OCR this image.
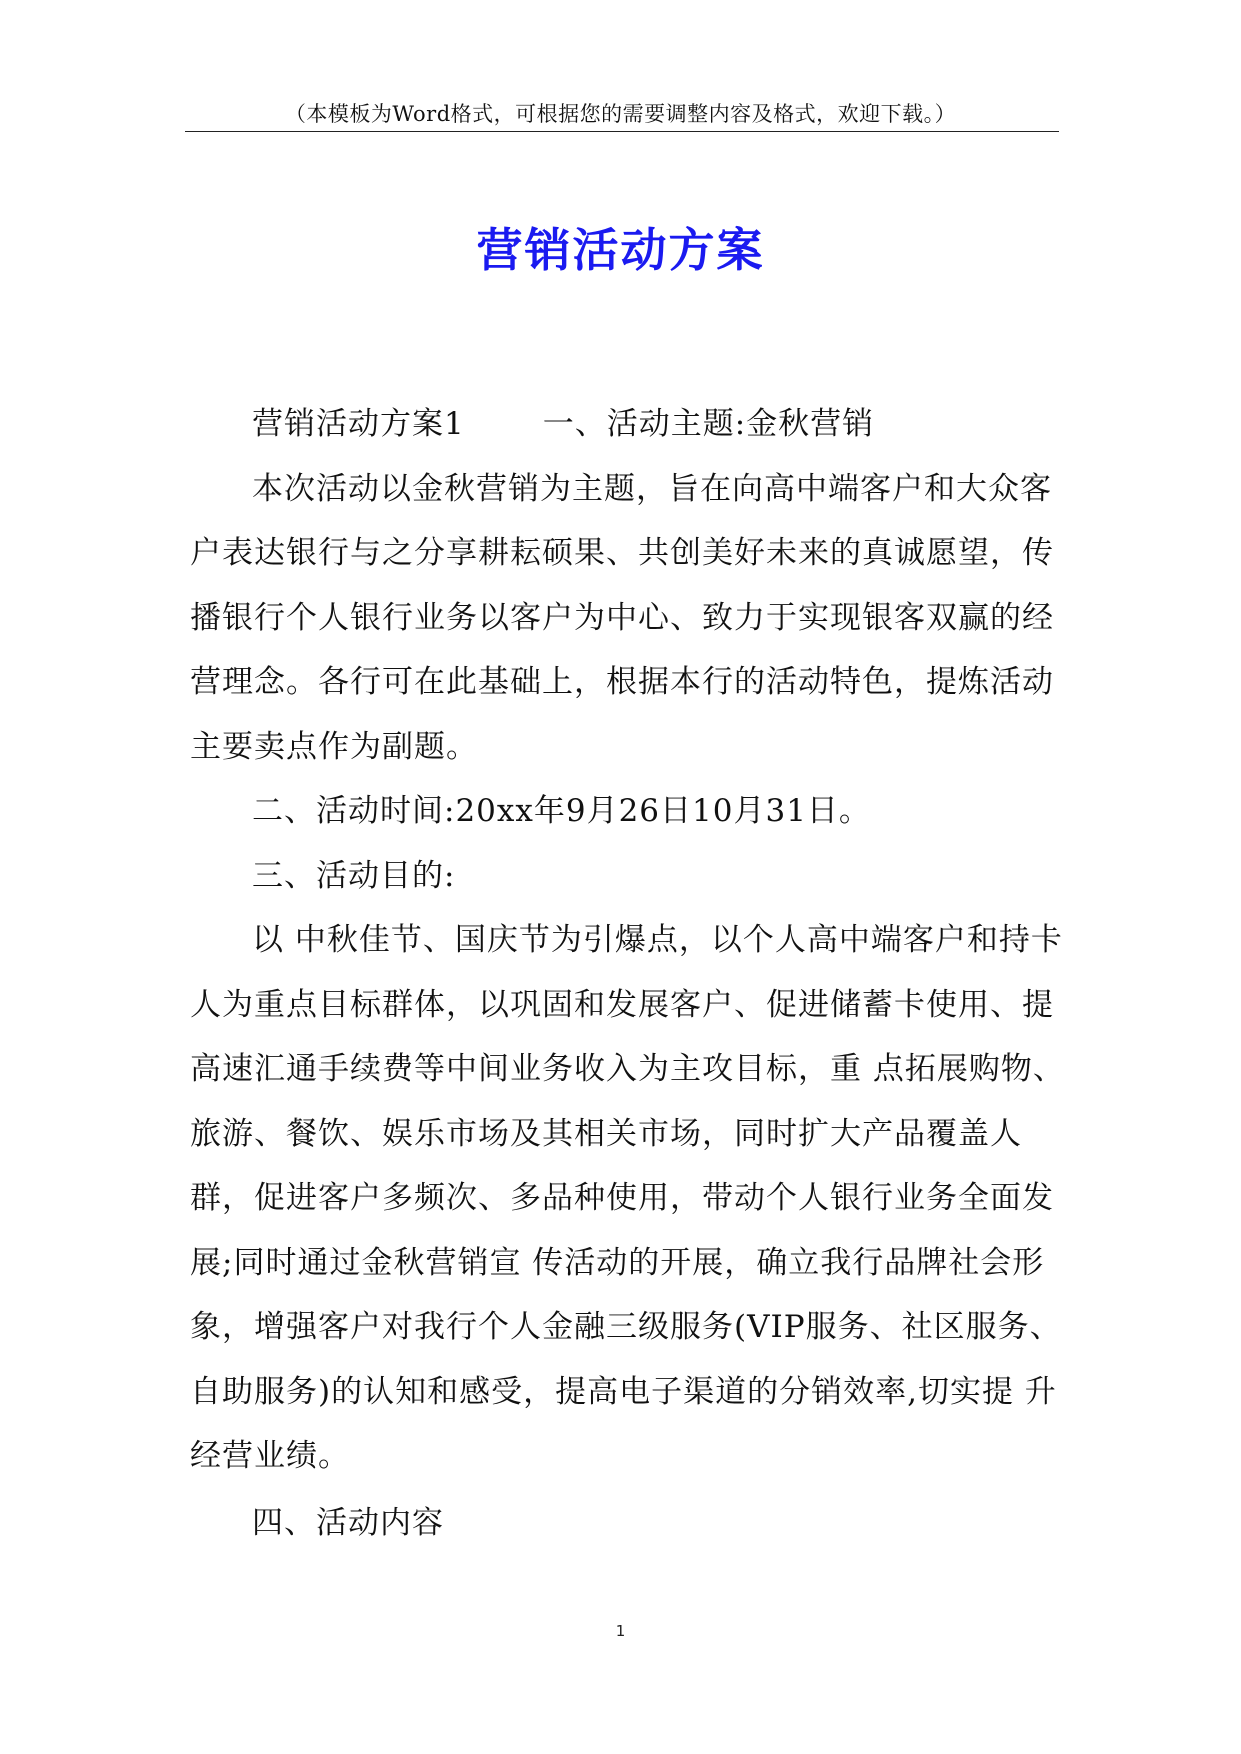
（本模板为Word格式，可根据您的需要调整内容及格式，欢迎下载。）
营销活动方案

营销活动方案1	一、活动主题:金秋营销

本次活动以金秋营销为主题，旨在向高中端客户和大众客户表达银行与之分享耕耘硕果、共创美好未来的真诚愿望，传播银行个人银行业务以客户为中心、致力于实现银客双赢的经营理念。各行可在此基础上，根据本行的活动特色，提炼活动主要卖点作为副题。

二、活动时间:20xx年9月26日10月31日。

三、活动目的:

以 中秋佳节、国庆节为引爆点，以个人高中端客户和持卡人为重点目标群体，以巩固和发展客户、促进储蓄卡使用、提高速汇通手续费等中间业务收入为主攻目标，重 点拓展购物、旅游、餐饮、娱乐市场及其相关市场，同时扩大产品覆盖人群，促进客户多频次、多品种使用，带动个人银行业务全面发展;同时通过金秋营销宣 传活动的开展，确立我行品牌社会形象，增强客户对我行个人金融三级服务(VIP服务、社区服务、自助服务)的认知和感受，提高电子渠道的分销效率,切实提 升经营业绩。

四、活动内容

1
